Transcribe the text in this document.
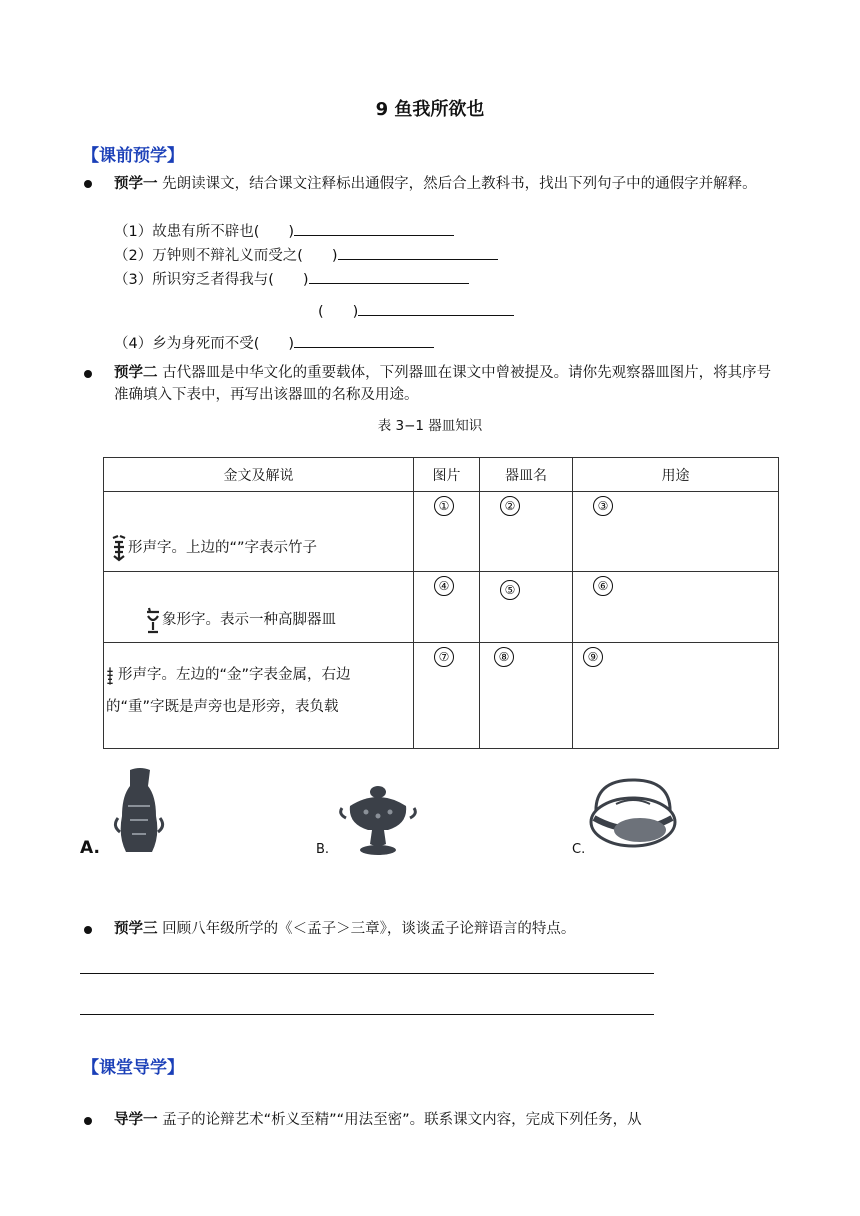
9 鱼我所欲也
【课前预学】
预学一 先朗读课文，结合课文注释标出通假字，然后合上教科书，找出下列句子中的通假字并解释。
（1）故患有所不辟也(　　)
（2）万钟则不辩礼义而受之(　　)
（3）所识穷乏者得我与(　　)
(　　)
（4）乡为身死而不受(　　)
预学二 古代器皿是中华文化的重要载体，下列器皿在课文中曾被提及。请你先观察器皿图片，将其序号准确填入下表中，再写出该器皿的名称及用途。
表 3−1 器皿知识
金文及解说	图片	器皿名	用途

形声字。上边的“”字表示竹子	①	②	③

象形字。表示一种高脚器皿	④	⑤	⑥

形声字。左边的“金”字表金属，右边的“重”字既是声旁也是形旁，表负载	⑦	⑧	⑨
A.	B.	C.
预学三 回顾八年级所学的《＜孟子＞三章》，谈谈孟子论辩语言的特点。
【课堂导学】
导学一 孟子的论辩艺术“析义至精”“用法至密”。联系课文内容，完成下列任务，从
